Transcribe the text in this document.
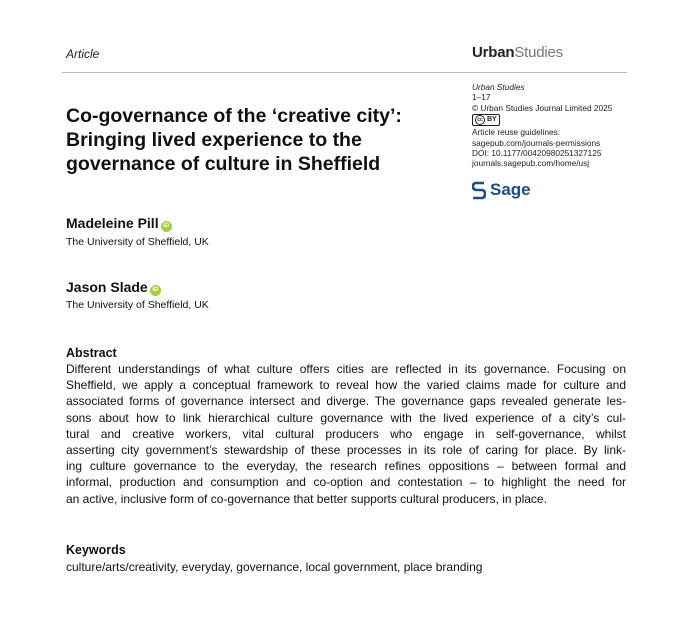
Article	UrbanStudies
Urban Studies
1–17
© Urban Studies Journal Limited 2025
cc BY
Article reuse guidelines:
sagepub.com/journals-permissions
DOI: 10.1177/00420980251327125
journals.sagepub.com/home/usj
Sage
Co-governance of the ‘creative city’:
Bringing lived experience to the
governance of culture in Sheffield
Madeleine Pill iD
The University of Sheffield, UK
Jason Slade iD
The University of Sheffield, UK
Abstract
Different understandings of what culture offers cities are reflected in its governance. Focusing on
Sheffield, we apply a conceptual framework to reveal how the varied claims made for culture and
associated forms of governance intersect and diverge. The governance gaps revealed generate les-
sons about how to link hierarchical culture governance with the lived experience of a city’s cul-
tural and creative workers, vital cultural producers who engage in self-governance, whilst
asserting city government’s stewardship of these processes in its role of caring for place. By link-
ing culture governance to the everyday, the research refines oppositions – between formal and
informal, production and consumption and co-option and contestation – to highlight the need for
an active, inclusive form of co-governance that better supports cultural producers, in place.
Keywords
culture/arts/creativity, everyday, governance, local government, place branding
